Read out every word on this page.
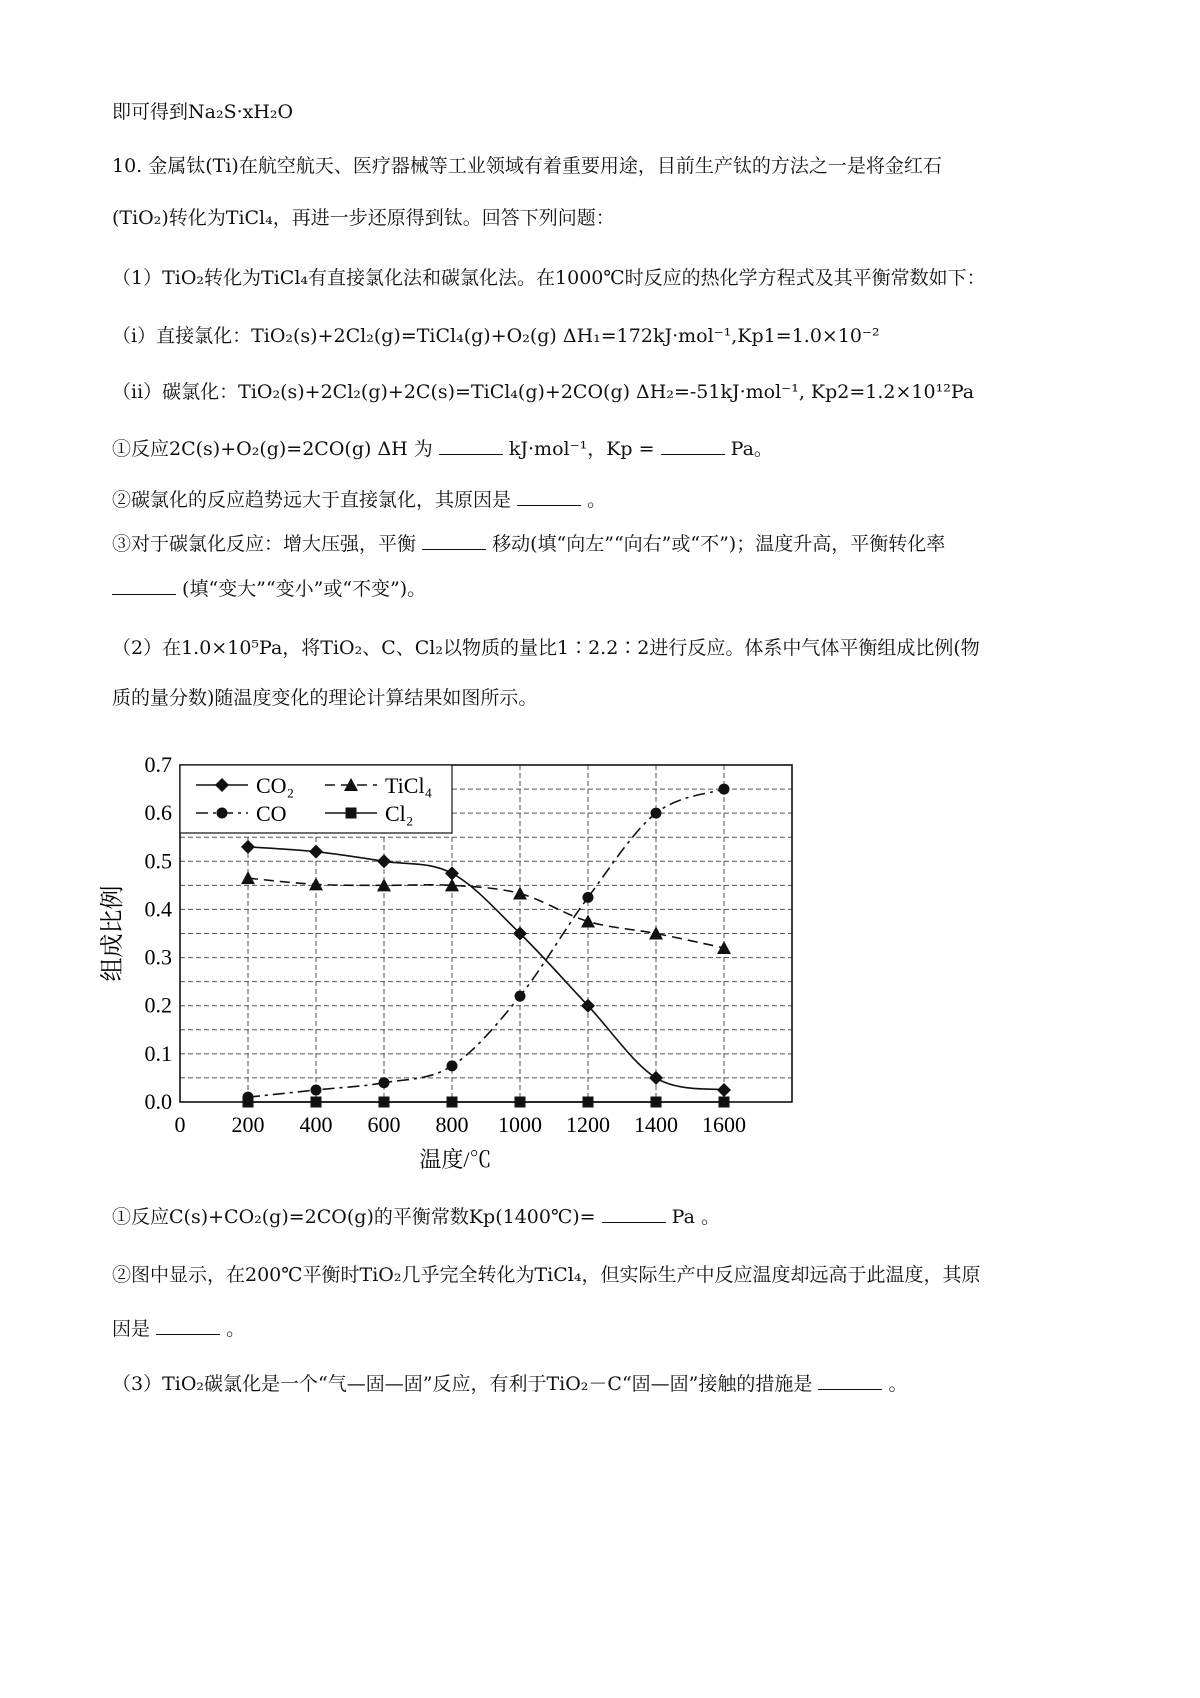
即可得到Na₂S·xH₂O
10. 金属钛(Ti)在航空航天、医疗器械等工业领域有着重要用途，目前生产钛的方法之一是将金红石
(TiO₂)转化为TiCl₄，再进一步还原得到钛。回答下列问题：
（1）TiO₂转化为TiCl₄有直接氯化法和碳氯化法。在1000℃时反应的热化学方程式及其平衡常数如下：
（ⅰ）直接氯化：TiO₂(s)+2Cl₂(g)=TiCl₄(g)+O₂(g) ΔH₁=172kJ·mol⁻¹,Kp1=1.0×10⁻²
（ⅱ）碳氯化：TiO₂(s)+2Cl₂(g)+2C(s)=TiCl₄(g)+2CO(g) ΔH₂=-51kJ·mol⁻¹, Kp2=1.2×10¹²Pa
①反应2C(s)+O₂(g)=2CO(g) ΔH 为	kJ·mol⁻¹，Kp =	Pa。
②碳氯化的反应趋势远大于直接氯化，其原因是	。
③对于碳氯化反应：增大压强，平衡	移动(填“向左”“向右”或“不”)；温度升高，平衡转化率
(填“变大”“变小”或“不变”)。
（2）在1.0×10⁵Pa，将TiO₂、C、Cl₂以物质的量比1∶2.2∶2进行反应。体系中气体平衡组成比例(物
质的量分数)随温度变化的理论计算结果如图所示。
0.0
0.1
0.2
0.3
0.4
0.5
0.6
0.7
0 200 400 600 800 1000 1200 1400 1600
温度/℃
组成比例
CO₂	TiCl₄
CO	Cl₂
①反应C(s)+CO₂(g)=2CO(g)的平衡常数Kp(1400℃)=	Pa 。
②图中显示，在200℃平衡时TiO₂几乎完全转化为TiCl₄，但实际生产中反应温度却远高于此温度，其原
因是	。
（3）TiO₂碳氯化是一个“气—固—固”反应，有利于TiO₂－C“固—固”接触的措施是	。
